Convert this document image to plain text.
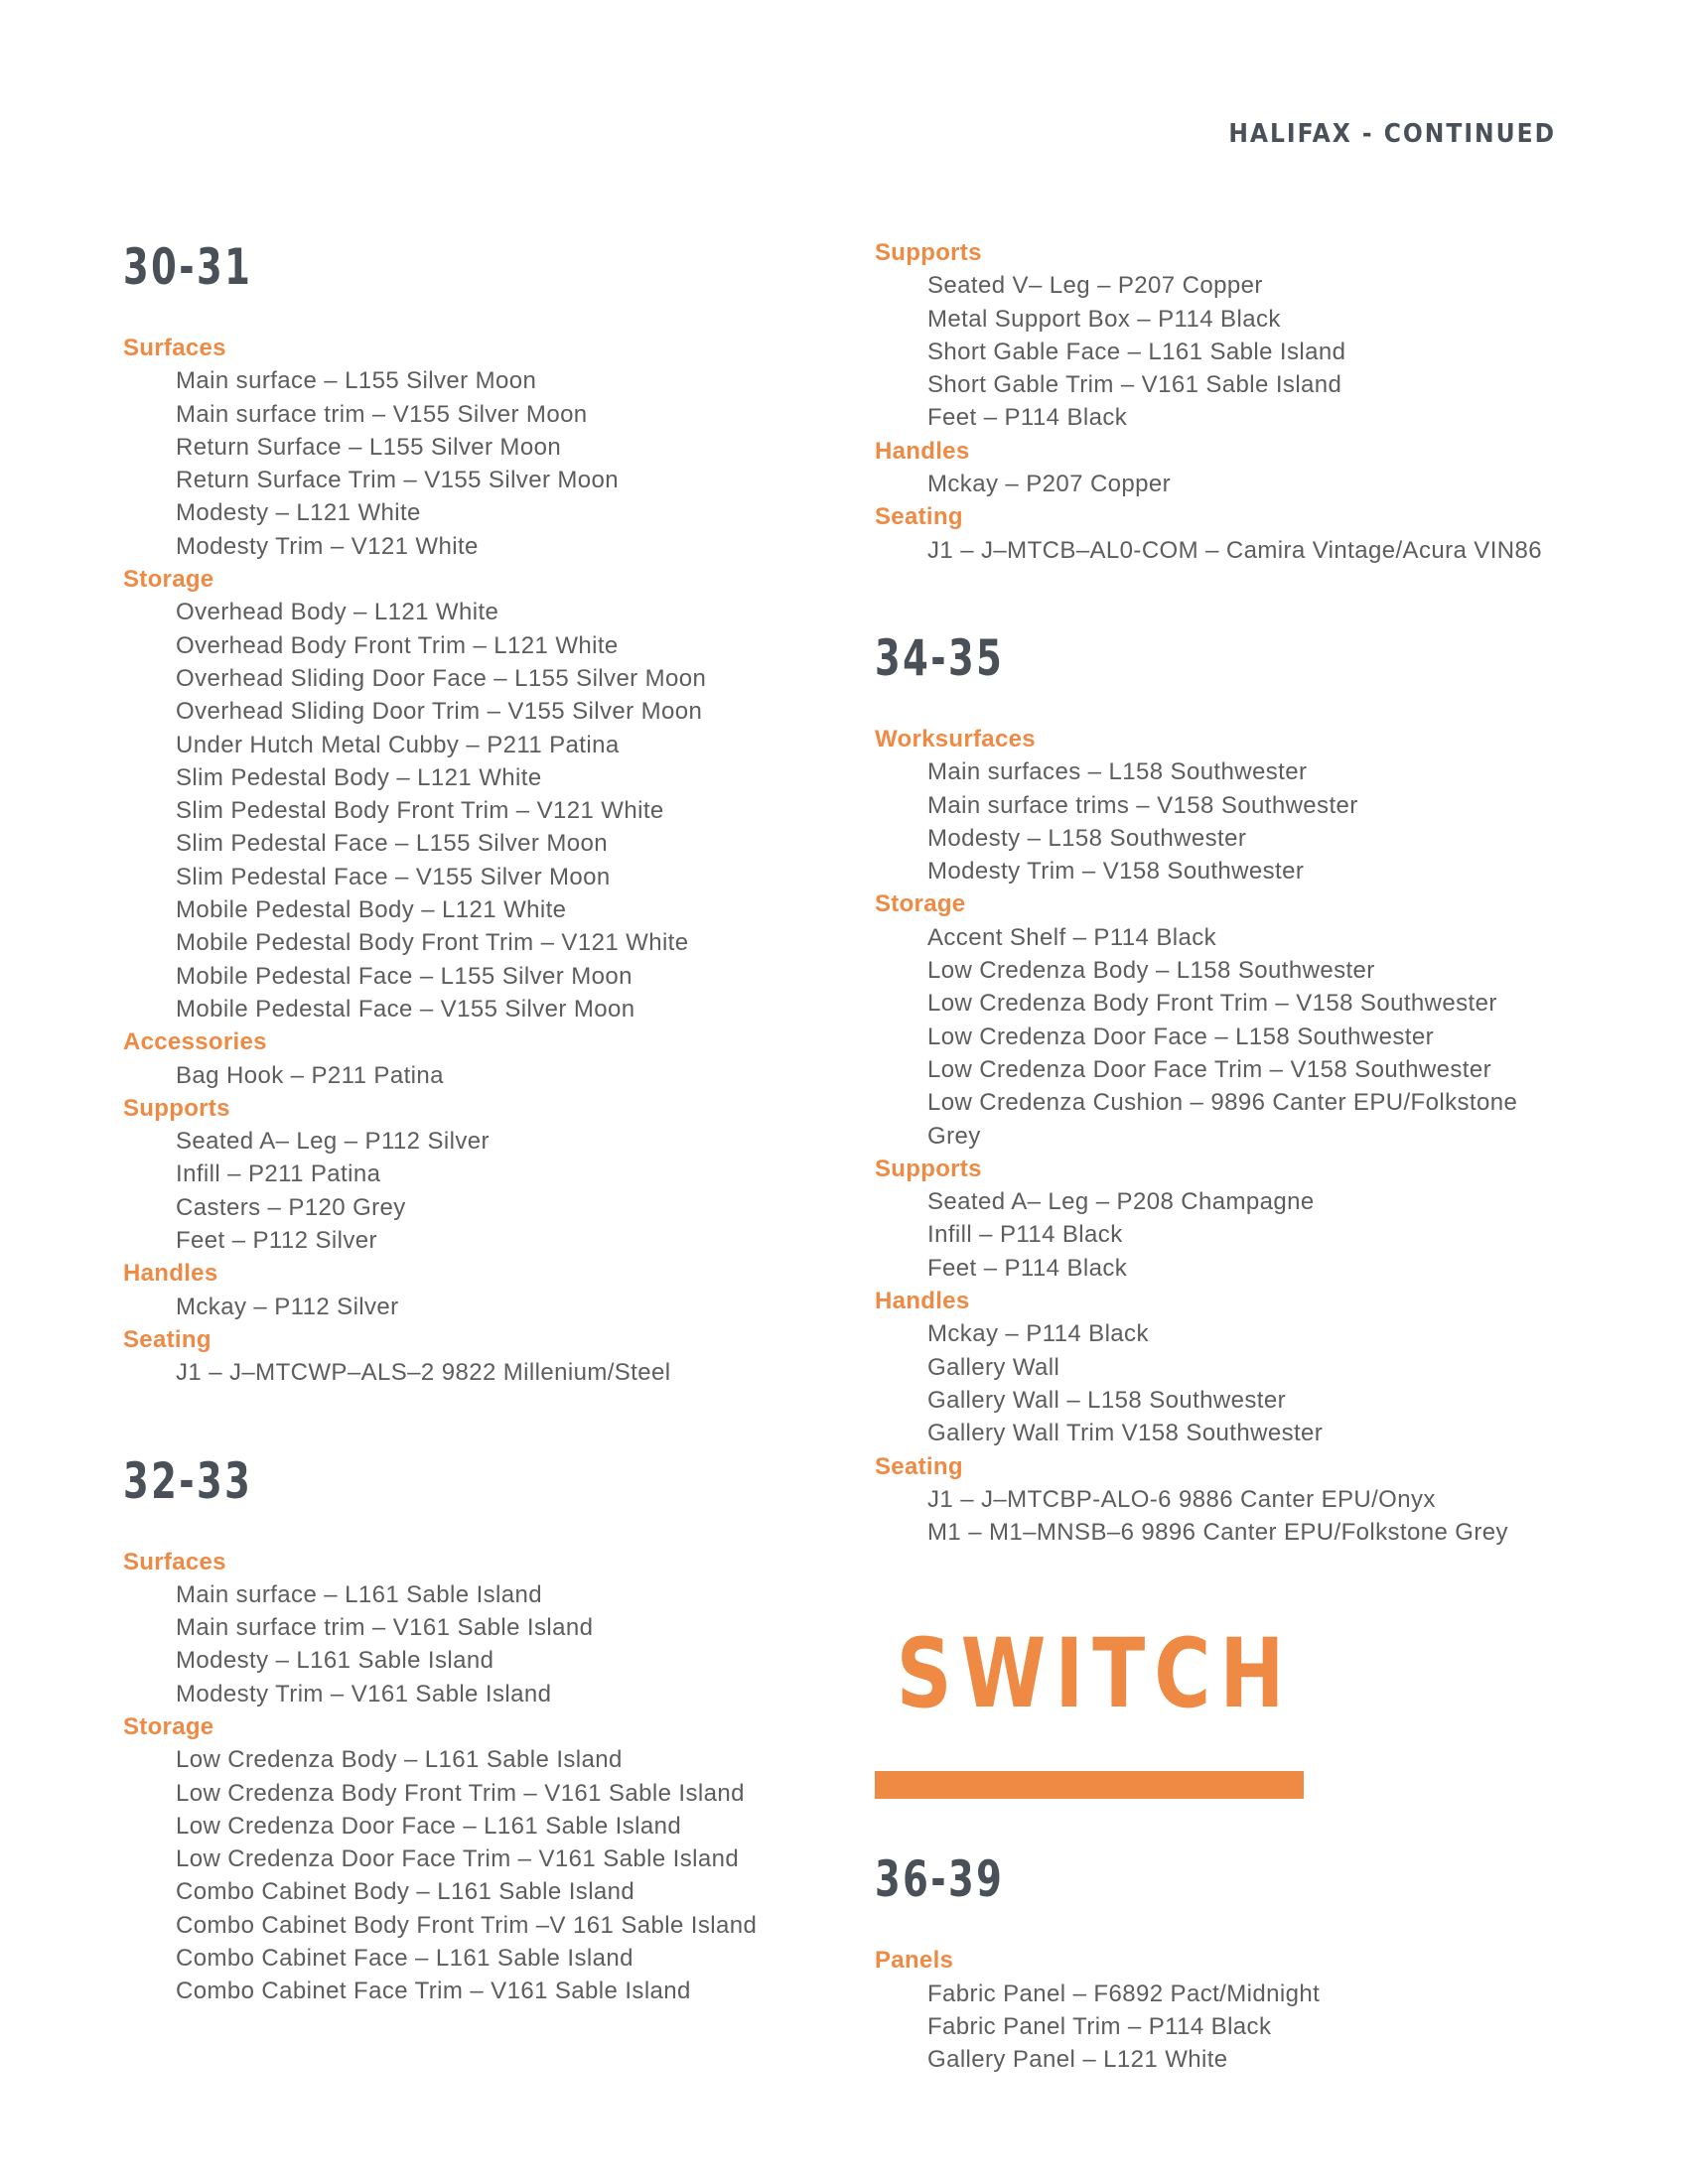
HALIFAX - CONTINUED
30-31
Surfaces
Main surface – L155 Silver Moon
Main surface trim – V155 Silver Moon
Return Surface – L155 Silver Moon
Return Surface Trim – V155 Silver Moon
Modesty – L121 White
Modesty Trim – V121 White
Storage
Overhead Body – L121 White
Overhead Body Front Trim – L121 White
Overhead Sliding Door Face – L155 Silver Moon
Overhead Sliding Door Trim – V155 Silver Moon
Under Hutch Metal Cubby – P211 Patina
Slim Pedestal Body – L121 White
Slim Pedestal Body Front Trim – V121 White
Slim Pedestal Face – L155 Silver Moon
Slim Pedestal Face – V155 Silver Moon
Mobile Pedestal Body – L121 White
Mobile Pedestal Body Front Trim – V121 White
Mobile Pedestal Face – L155 Silver Moon
Mobile Pedestal Face – V155 Silver Moon
Accessories
Bag Hook – P211 Patina
Supports
Seated A– Leg – P112 Silver
Infill – P211 Patina
Casters – P120 Grey
Feet – P112 Silver
Handles
Mckay – P112 Silver
Seating
J1 – J–MTCWP–ALS–2 9822 Millenium/Steel
32-33
Surfaces
Main surface – L161 Sable Island
Main surface trim – V161 Sable Island
Modesty – L161 Sable Island
Modesty Trim – V161 Sable Island
Storage
Low Credenza Body – L161 Sable Island
Low Credenza Body Front Trim – V161 Sable Island
Low Credenza Door Face – L161 Sable Island
Low Credenza Door Face Trim – V161 Sable Island
Combo Cabinet Body – L161 Sable Island
Combo Cabinet Body Front Trim –V 161 Sable Island
Combo Cabinet Face – L161 Sable Island
Combo Cabinet Face Trim – V161 Sable Island
Supports
Seated V– Leg – P207 Copper
Metal Support Box – P114 Black
Short Gable Face – L161 Sable Island
Short Gable Trim – V161 Sable Island
Feet – P114 Black
Handles
Mckay – P207 Copper
Seating
J1 – J–MTCB–AL0-COM – Camira Vintage/Acura VIN86
34-35
Worksurfaces
Main surfaces – L158 Southwester
Main surface trims – V158 Southwester
Modesty – L158 Southwester
Modesty Trim – V158 Southwester
Storage
Accent Shelf – P114 Black
Low Credenza Body – L158 Southwester
Low Credenza Body Front Trim – V158 Southwester
Low Credenza Door Face – L158 Southwester
Low Credenza Door Face Trim – V158 Southwester
Low Credenza Cushion – 9896 Canter EPU/Folkstone
Grey
Supports
Seated A– Leg – P208 Champagne
Infill – P114 Black
Feet – P114 Black
Handles
Mckay – P114 Black
Gallery Wall
Gallery Wall – L158 Southwester
Gallery Wall Trim V158 Southwester
Seating
J1 – J–MTCBP-ALO-6 9886 Canter EPU/Onyx
M1 – M1–MNSB–6 9896 Canter EPU/Folkstone Grey
SWITCH
36-39
Panels
Fabric Panel – F6892 Pact/Midnight
Fabric Panel Trim – P114 Black
Gallery Panel – L121 White
